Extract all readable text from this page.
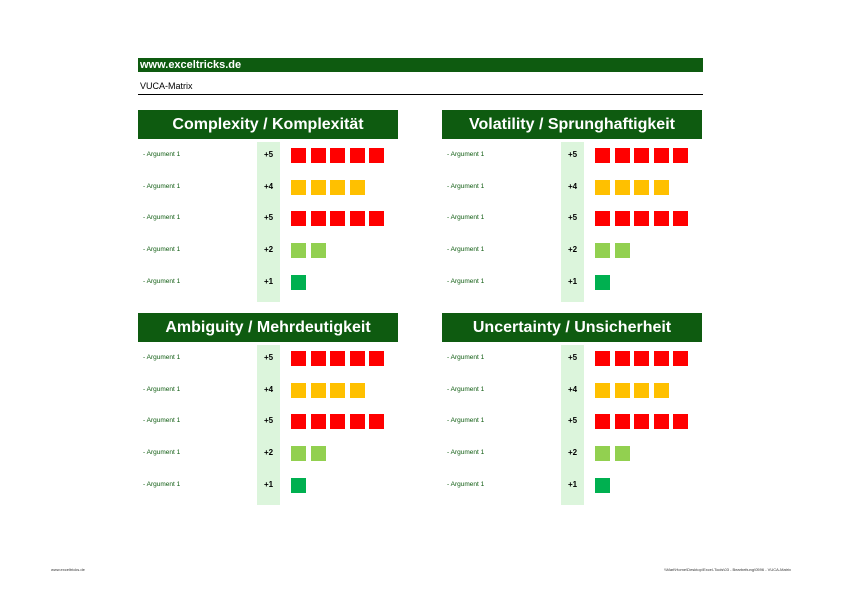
www.exceltricks.de
VUCA-Matrix
Complexity / Komplexität
- Argument 1	+5
- Argument 1	+4
- Argument 1	+5
- Argument 1	+2
- Argument 1	+1
Volatility / Sprunghaftigkeit
- Argument 1	+5
- Argument 1	+4
- Argument 1	+5
- Argument 1	+2
- Argument 1	+1
Ambiguity / Mehrdeutigkeit
- Argument 1	+5
- Argument 1	+4
- Argument 1	+5
- Argument 1	+2
- Argument 1	+1
Uncertainty / Unsicherheit
- Argument 1	+5
- Argument 1	+4
- Argument 1	+5
- Argument 1	+2
- Argument 1	+1
www.exceltricks.de	\\Marl\Home\Desktop\Excel-Tools\03 - Bearbeitung\0596 - VUCA-Matrix
